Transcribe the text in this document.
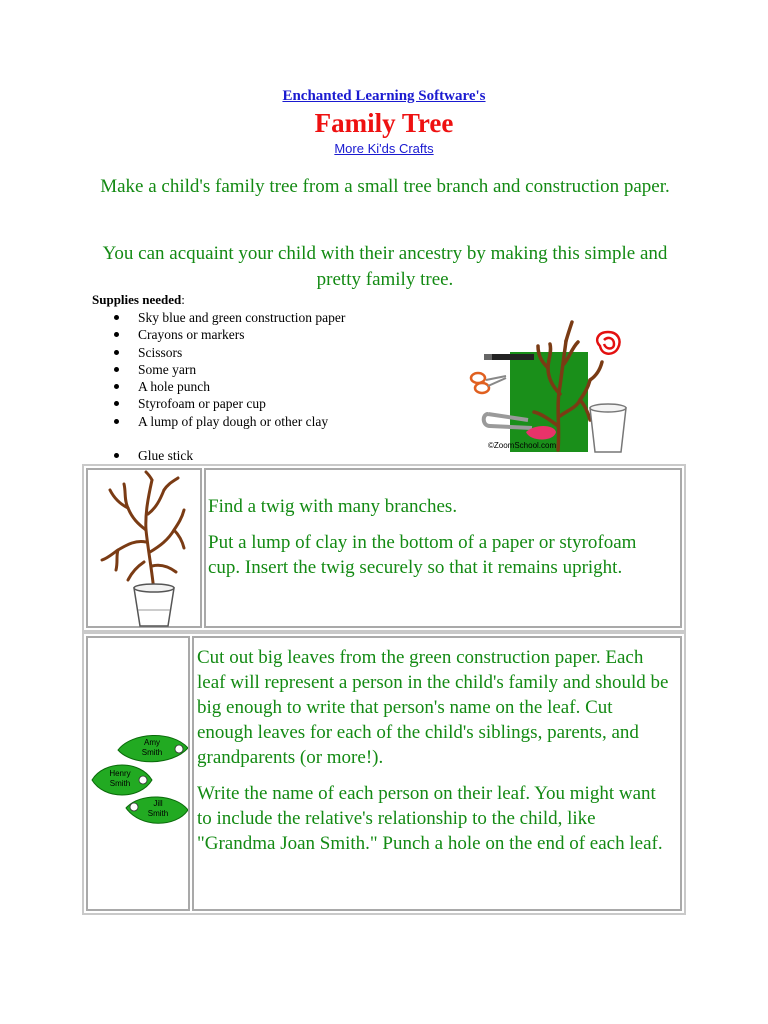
Enchanted Learning Software's
Family Tree
More Ki'ds Crafts

Make a child's family tree from a small tree branch and construction paper.

You can acquaint your child with their ancestry by making this simple and pretty family tree.

Supplies needed:
Sky blue and green construction paper
Crayons or markers
Scissors
Some yarn
A hole punch
Styrofoam or paper cup
A lump of play dough or other clay
Glue stick
©ZoomSchool.com

Find a twig with many branches.

Put a lump of clay in the bottom of a paper or styrofoam cup. Insert the twig securely so that it remains upright.

Amy
Smith
Henry
Smith
Jill
Smith

Cut out big leaves from the green construction paper. Each leaf will represent a person in the child's family and should be big enough to write that person's name on the leaf. Cut enough leaves for each of the child's siblings, parents, and grandparents (or more!).

Write the name of each person on their leaf. You might want to include the relative's relationship to the child, like "Grandma Joan Smith." Punch a hole on the end of each leaf.
